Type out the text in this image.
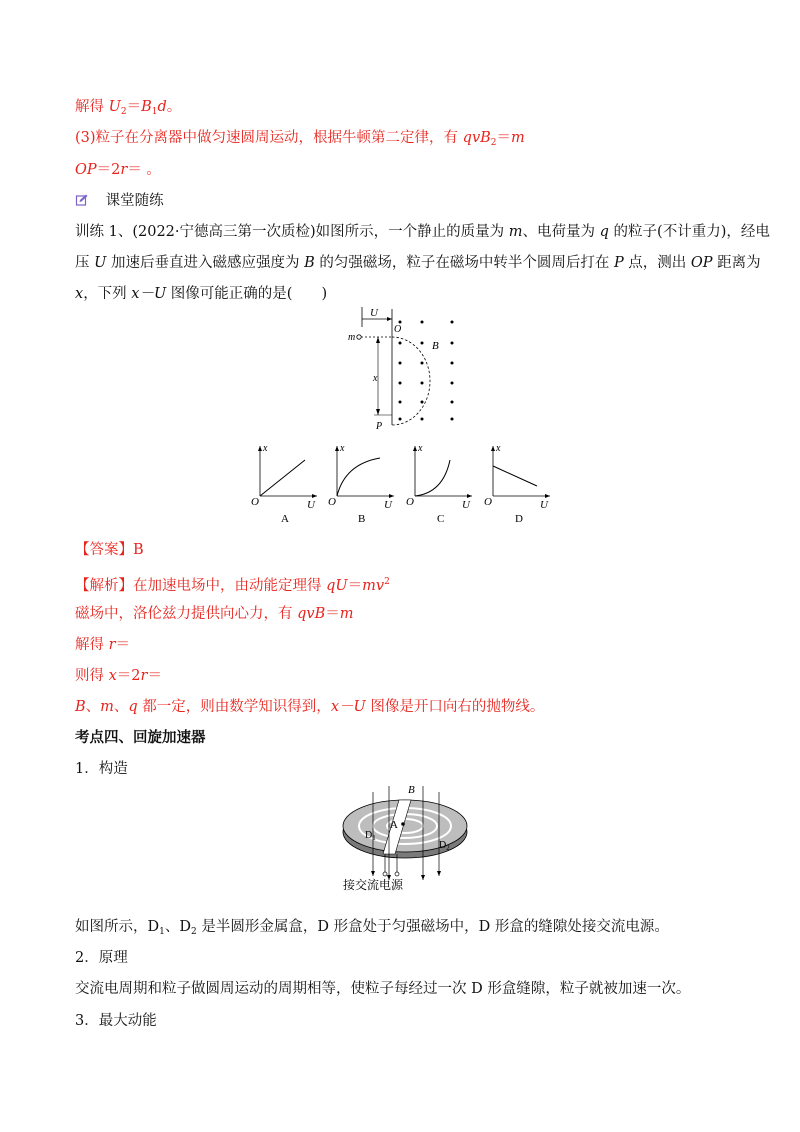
解得 $U_2=B_1d$。
(3)粒子在分离器中做匀速圆周运动，根据牛顿第二定律，有 qvB$_2$＝m
OP＝2r＝ 。
课堂随练
训练 1、(2022·宁德高三第一次质检)如图所示，一个静止的质量为 m、电荷量为 q 的粒子(不计重力)，经电
压 U 加速后垂直进入磁感应强度为 B 的匀强磁场，粒子在磁场中转半个圆周后打在 P 点，测出 OP 距离为
x，下列 x－U 图像可能正确的是(　　)
U
m
O
x
P
B
x
O	U
A
x
O	U
B
x
O	U
C
x
O	U
D
【答案】B
【解析】在加速电场中，由动能定理得 $qU=mv^2$
磁场中，洛伦兹力提供向心力，有 qvB＝m
解得 r＝
则得 x＝2r＝
B、m、q 都一定，则由数学知识得到，x－U 图像是开口向右的抛物线。
考点四、回旋加速器
1．构造
B
A
$D_1$
$D_2$
接交流电源
如图所示，$D_1$、$D_2$ 是半圆形金属盒，D 形盒处于匀强磁场中，D 形盒的缝隙处接交流电源。
2．原理
交流电周期和粒子做圆周运动的周期相等，使粒子每经过一次 D 形盒缝隙，粒子就被加速一次。
3．最大动能
